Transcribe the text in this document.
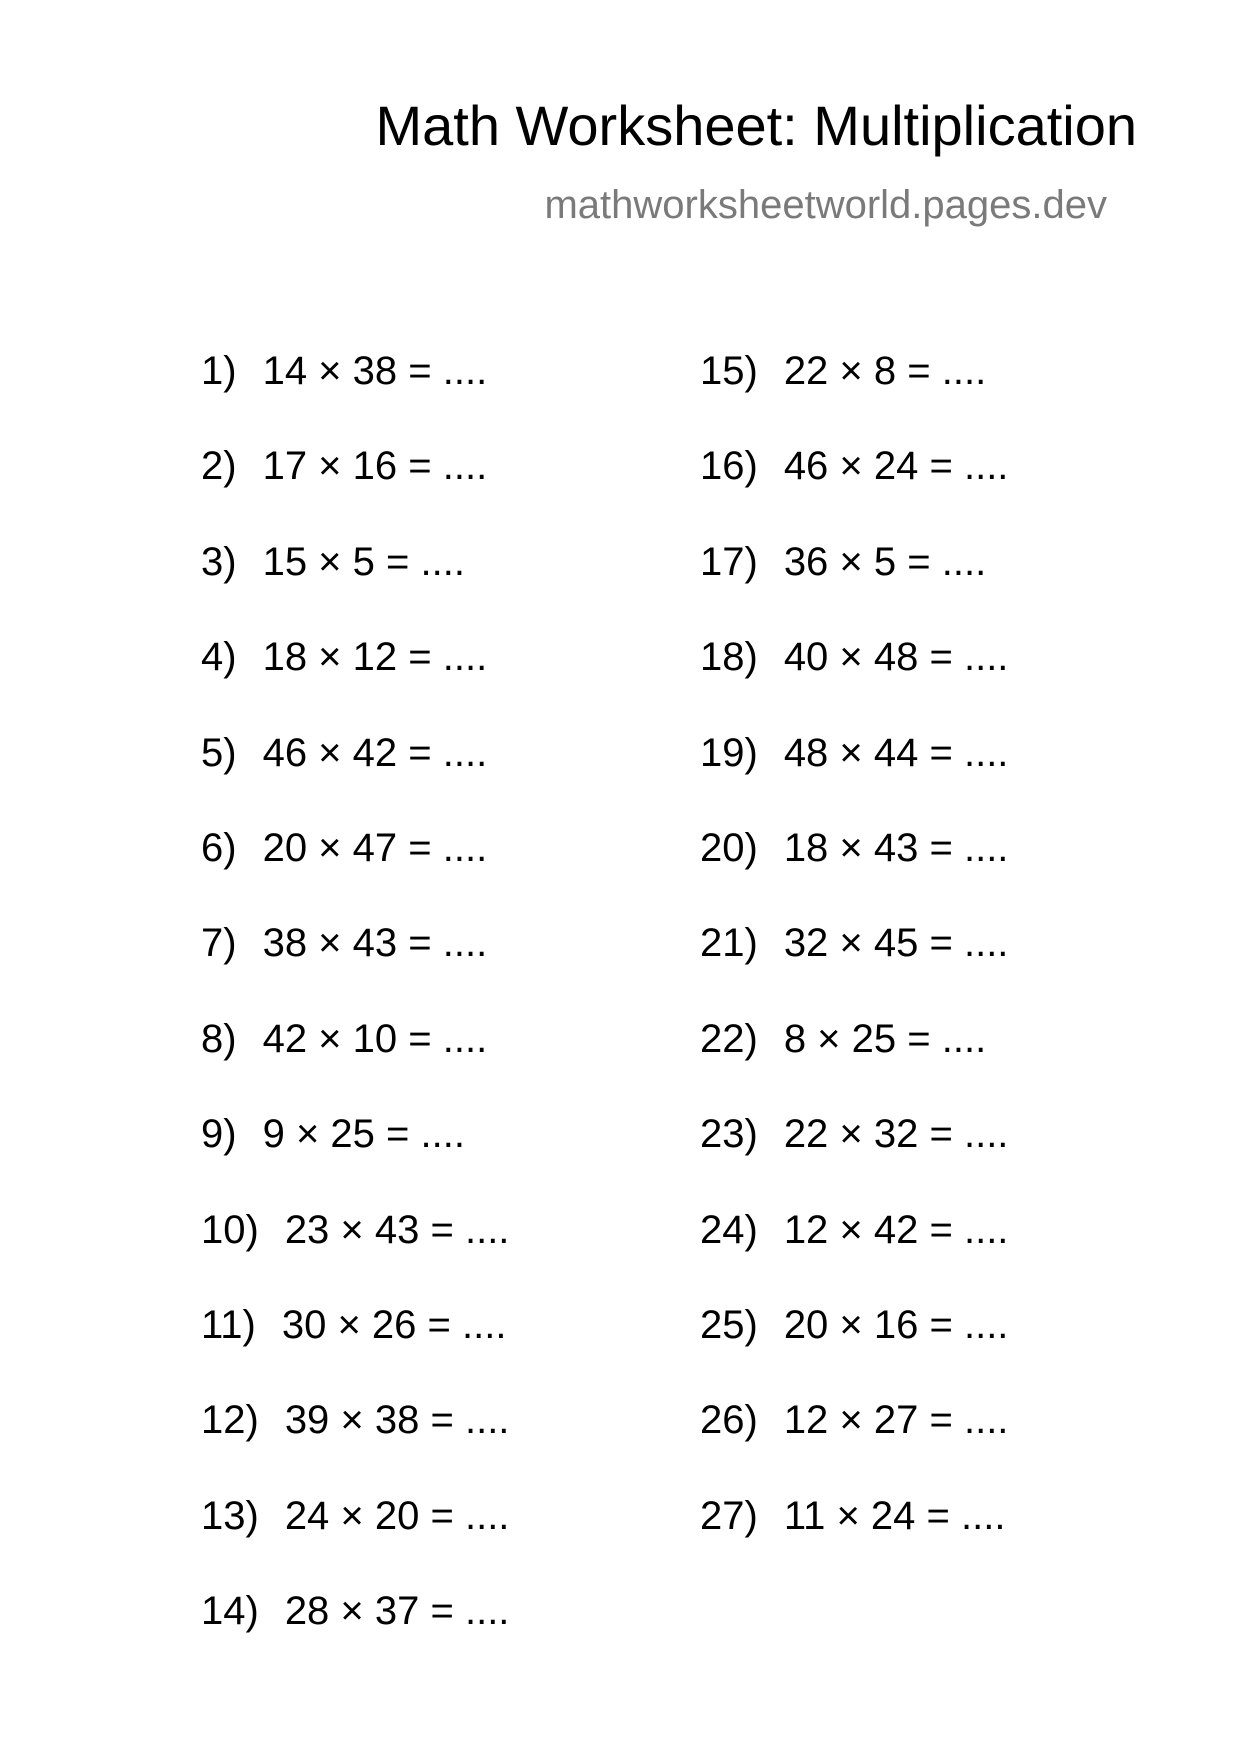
Math Worksheet: Multiplication
mathworksheetworld.pages.dev
1) 14 × 38 = ....
2) 17 × 16 = ....
3) 15 × 5 = ....
4) 18 × 12 = ....
5) 46 × 42 = ....
6) 20 × 47 = ....
7) 38 × 43 = ....
8) 42 × 10 = ....
9) 9 × 25 = ....
10) 23 × 43 = ....
11) 30 × 26 = ....
12) 39 × 38 = ....
13) 24 × 20 = ....
14) 28 × 37 = ....
15) 22 × 8 = ....
16) 46 × 24 = ....
17) 36 × 5 = ....
18) 40 × 48 = ....
19) 48 × 44 = ....
20) 18 × 43 = ....
21) 32 × 45 = ....
22) 8 × 25 = ....
23) 22 × 32 = ....
24) 12 × 42 = ....
25) 20 × 16 = ....
26) 12 × 27 = ....
27) 11 × 24 = ....
